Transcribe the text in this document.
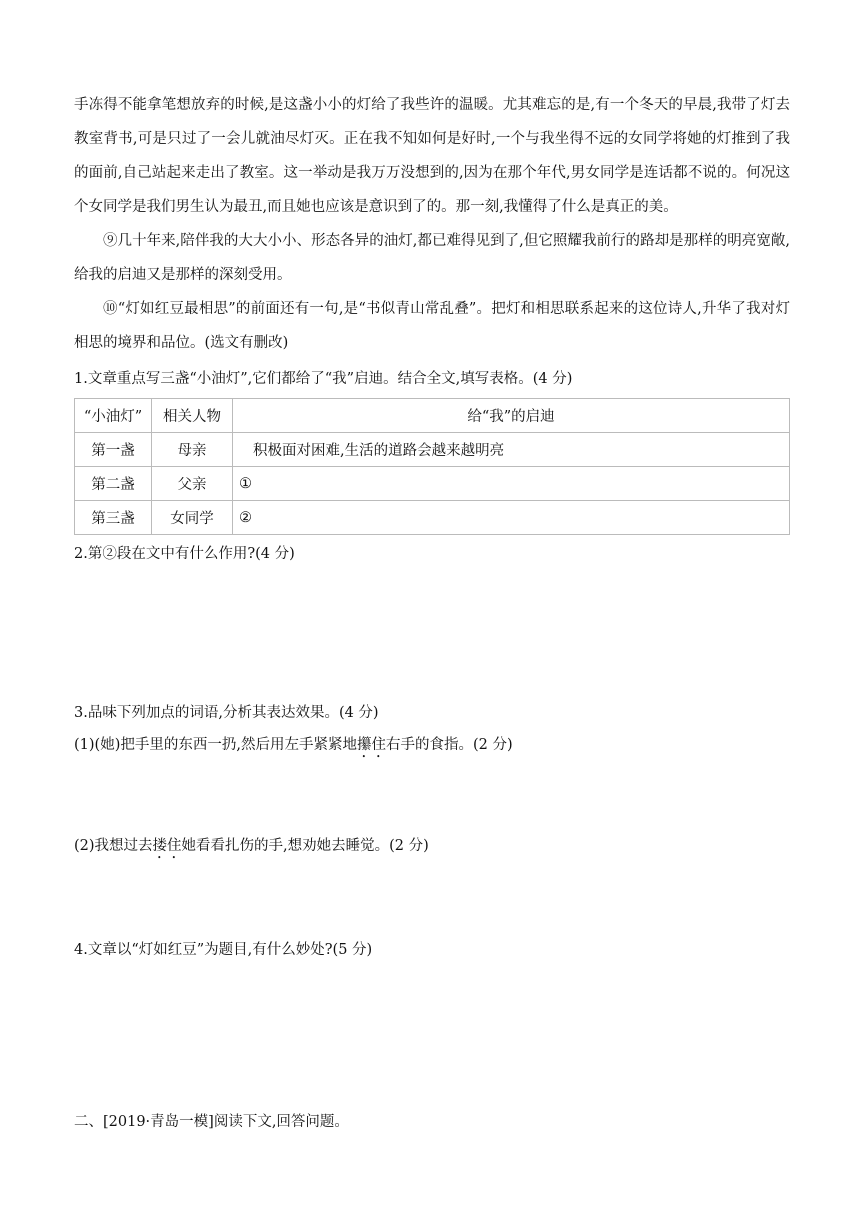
手冻得不能拿笔想放弃的时候,是这盏小小的灯给了我些许的温暖。尤其难忘的是,有一个冬天的早晨,我带了灯去教室背书,可是只过了一会儿就油尽灯灭。正在我不知如何是好时,一个与我坐得不远的女同学将她的灯推到了我的面前,自己站起来走出了教室。这一举动是我万万没想到的,因为在那个年代,男女同学是连话都不说的。何况这个女同学是我们男生认为最丑,而且她也应该是意识到了的。那一刻,我懂得了什么是真正的美。

⑨几十年来,陪伴我的大大小小、形态各异的油灯,都已难得见到了,但它照耀我前行的路却是那样的明亮宽敞,给我的启迪又是那样的深刻受用。

⑩“灯如红豆最相思”的前面还有一句,是“书似青山常乱叠”。把灯和相思联系起来的这位诗人,升华了我对灯相思的境界和品位。(选文有删改)

1.文章重点写三盏“小油灯”,它们都给了“我”启迪。结合全文,填写表格。(4 分)

“小油灯”	相关人物	给“我”的启迪
第一盏	母亲	积极面对困难,生活的道路会越来越明亮
第二盏	父亲	①
第三盏	女同学	②

2.第②段在文中有什么作用?(4 分)

3.品味下列加点的词语,分析其表达效果。(4 分)

(1)(她)把手里的东西一扔,然后用左手紧紧地攥住右手的食指。(2 分)

(2)我想过去搂住她看看扎伤的手,想劝她去睡觉。(2 分)

4.文章以“灯如红豆”为题目,有什么妙处?(5 分)

二、[2019·青岛一模]阅读下文,回答问题。
